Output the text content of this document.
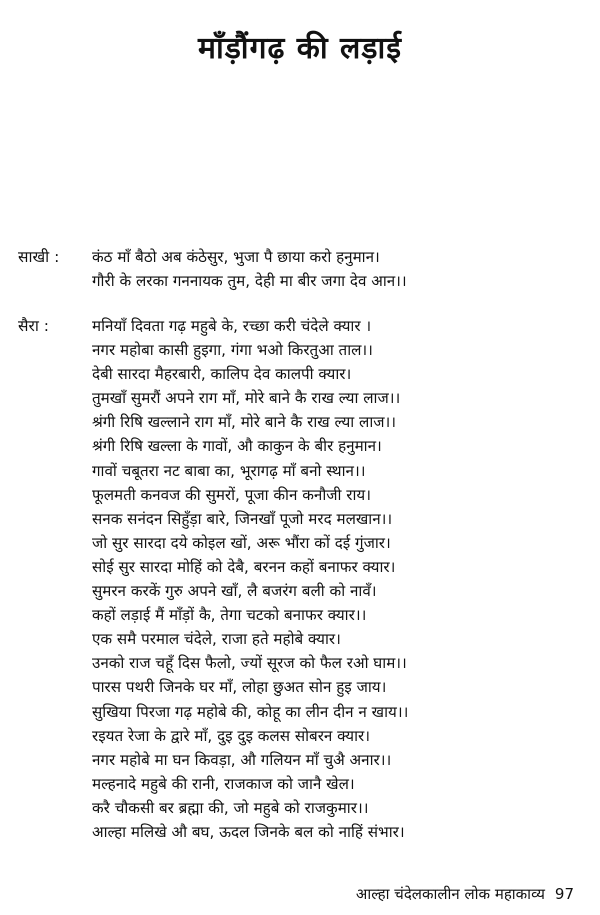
माँड़ौंगढ़ की लड़ाई
साखी :	कंठ माँ बैठो अब कंठेसुर, भुजा पै छाया करो हनुमान।
गौरी के लरका गननायक तुम, देही मा बीर जगा देव आन।।
सैरा :	मनियाँ दिवता गढ़ महुबे के, रच्छा करी चंदेले क्यार ।
नगर महोबा कासी हुइगा, गंगा भओ किरतुआ ताल।।
देबी सारदा मैहरबारी, कालिप देव कालपी क्यार।
तुमखाँ सुमरौं अपने राग माँ, मोरे बाने कै राख ल्या लाज।।
श्रंगी रिषि खल्लाने राग माँ, मोरे बाने कै राख ल्या लाज।।
श्रंगी रिषि खल्ला के गावों, औ काकुन के बीर हनुमान।
गावों चबूतरा नट बाबा का, भूरागढ़ माँ बनो स्थान।।
फूलमती कनवज की सुमरों, पूजा कीन कनौजी राय।
सनक सनंदन सिहुँड़ा बारे, जिनखाँ पूजो मरद मलखान।।
जो सुर सारदा दये कोइल खों, अरू भौंरा कों दई गुंजार।
सोई सुर सारदा मोहिं को देबै, बरनन कहों बनाफर क्यार।
सुमरन करकें गुरु अपने खाँ, लै बजरंग बली को नावँ।
कहों लड़ाई मैं माँड़ों कै, तेगा चटको बनाफर क्यार।।
एक समै परमाल चंदेले, राजा हते महोबे क्यार।
उनको राज चहूँ दिस फैलो, ज्यों सूरज को फैल रओ घाम।।
पारस पथरी जिनके घर माँ, लोहा छुअत सोन हुइ जाय।
सुखिया पिरजा गढ़ महोबे की, कोहू का लीन दीन न खाय।।
रइयत रेजा के द्वारे माँ, दुइ दुइ कलस सोबरन क्यार।
नगर महोबे मा घन किवड़ा, औ गलियन माँ चुअै अनार।।
मल्हनादे महुबे की रानी, राजकाज को जानै खेल।
करै चौकसी बर ब्रह्मा की, जो महुबे को राजकुमार।।
आल्हा मलिखे औ बघ, ऊदल जिनके बल को नाहिं संभार।
आल्हा चंदेलकालीन लोक महाकाव्य 97
